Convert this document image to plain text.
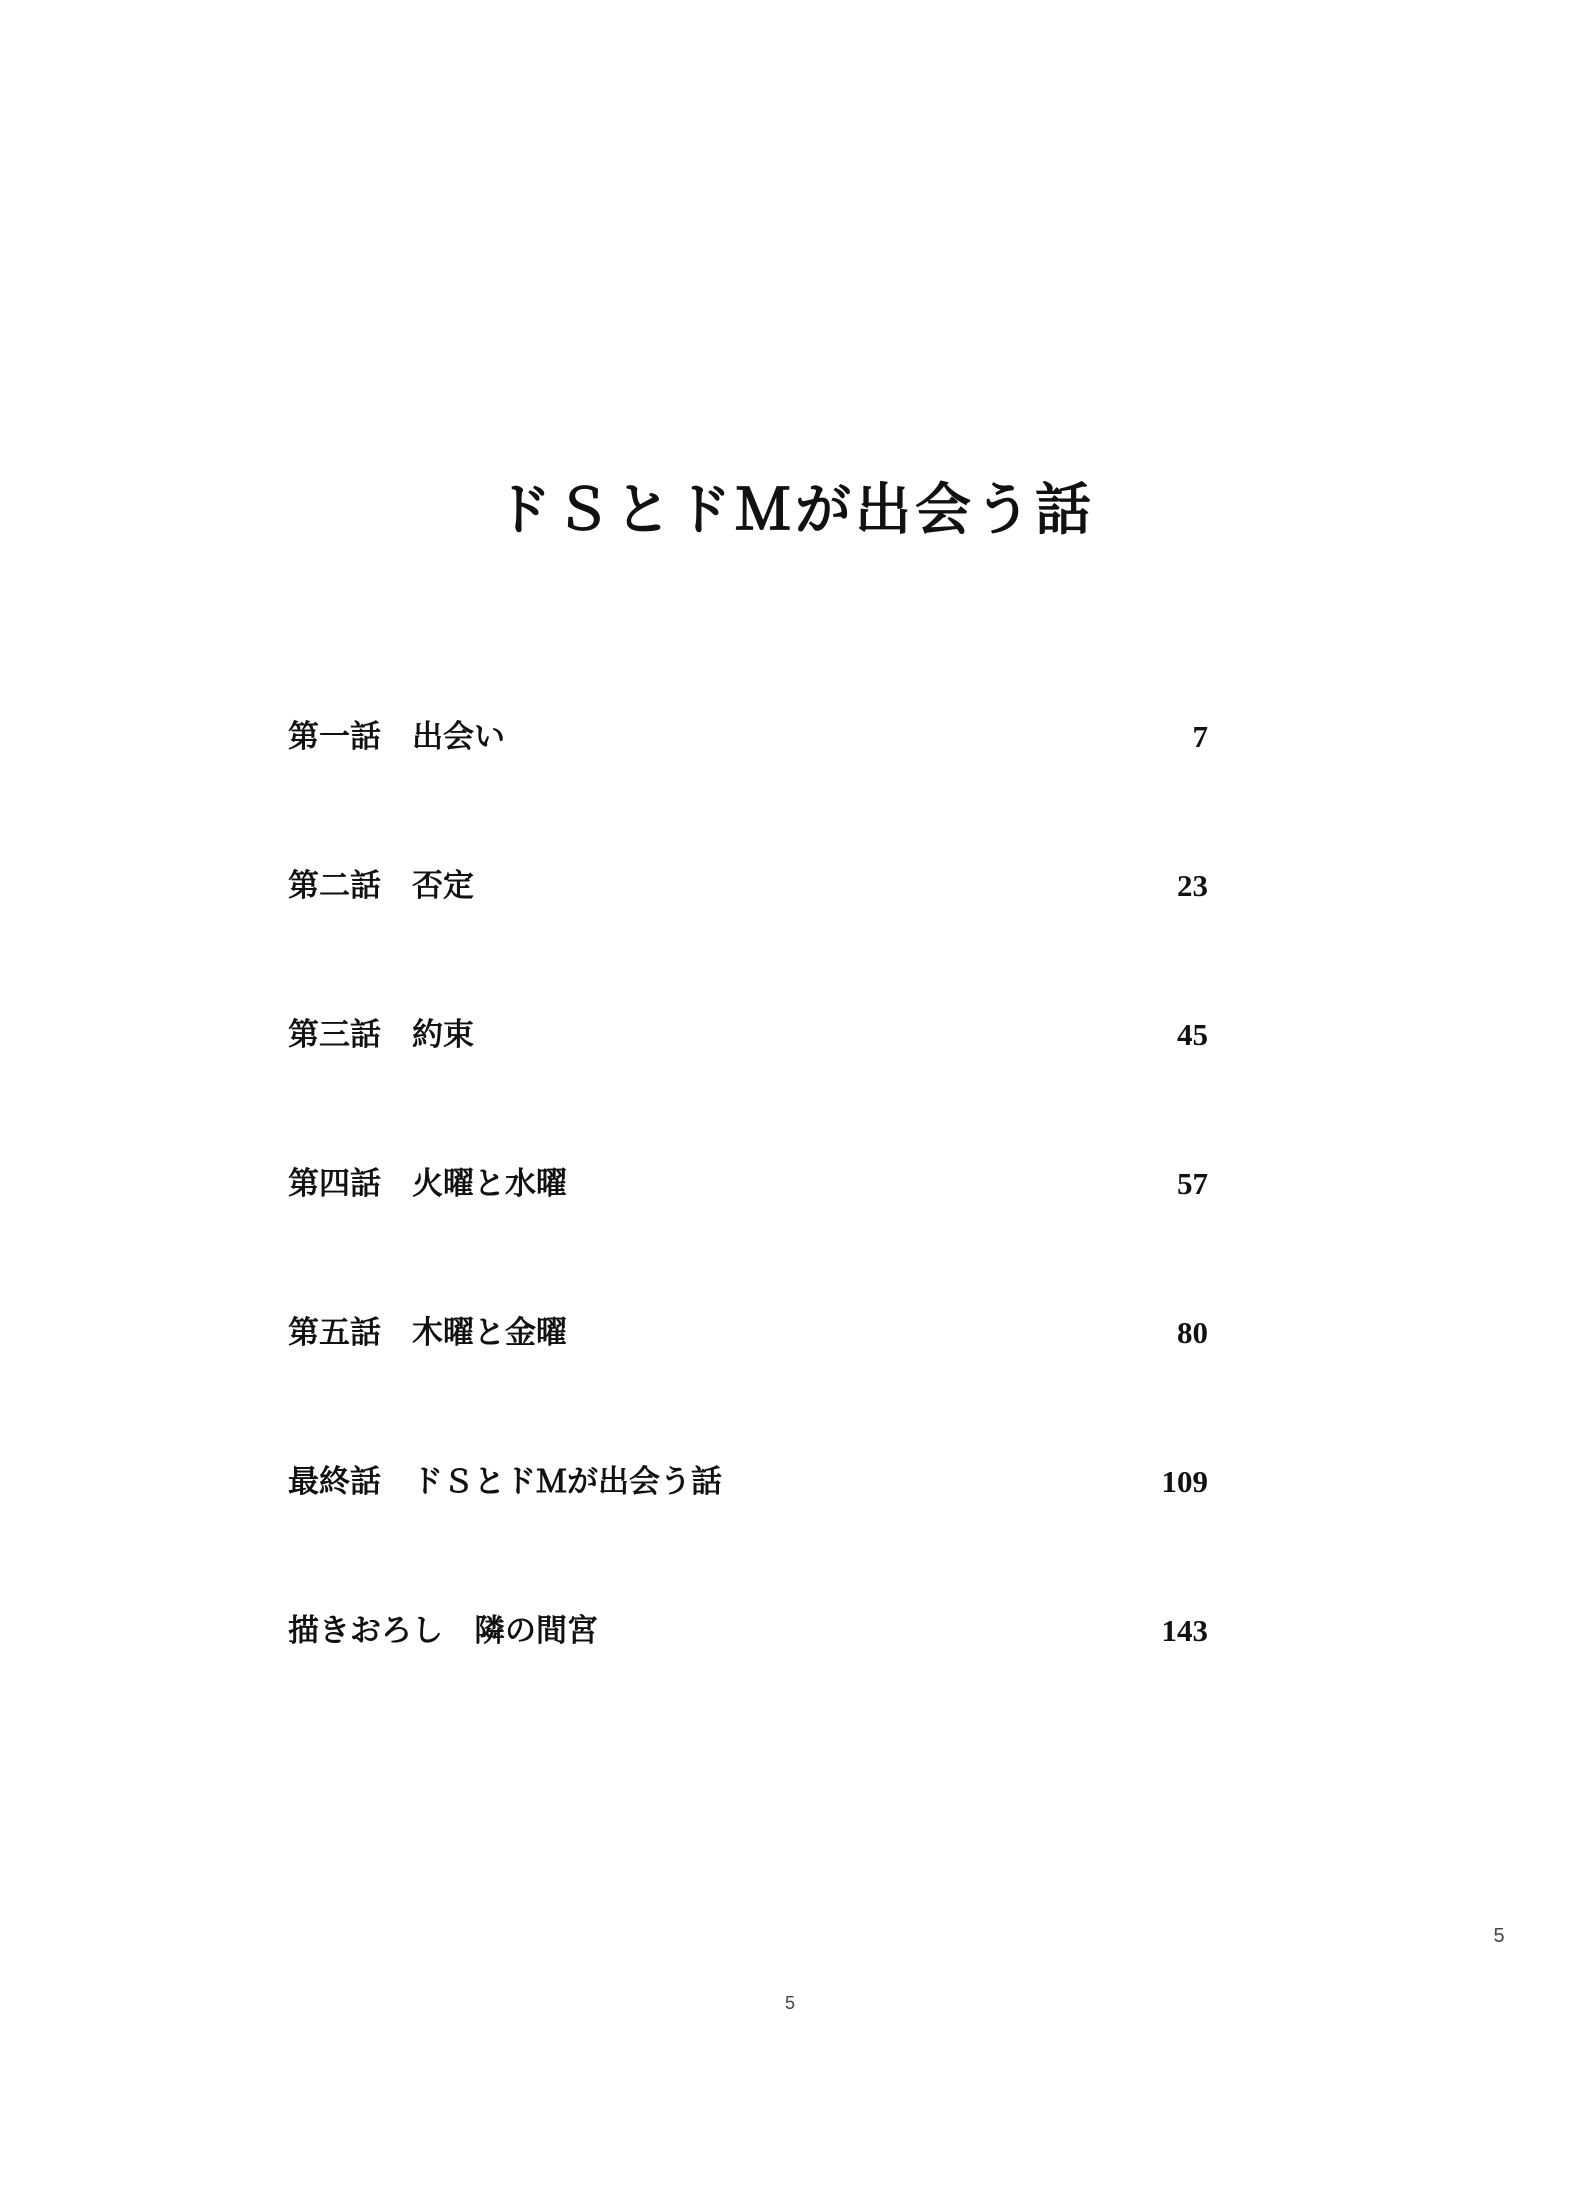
ドＳとドＭが出会う話
第一話　出会い	7
第二話　否定	23
第三話　約束	45
第四話　火曜と水曜	57
第五話　木曜と金曜	80
最終話　ドＳとドＭが出会う話	109
描きおろし　隣の間宮	143
5
5
